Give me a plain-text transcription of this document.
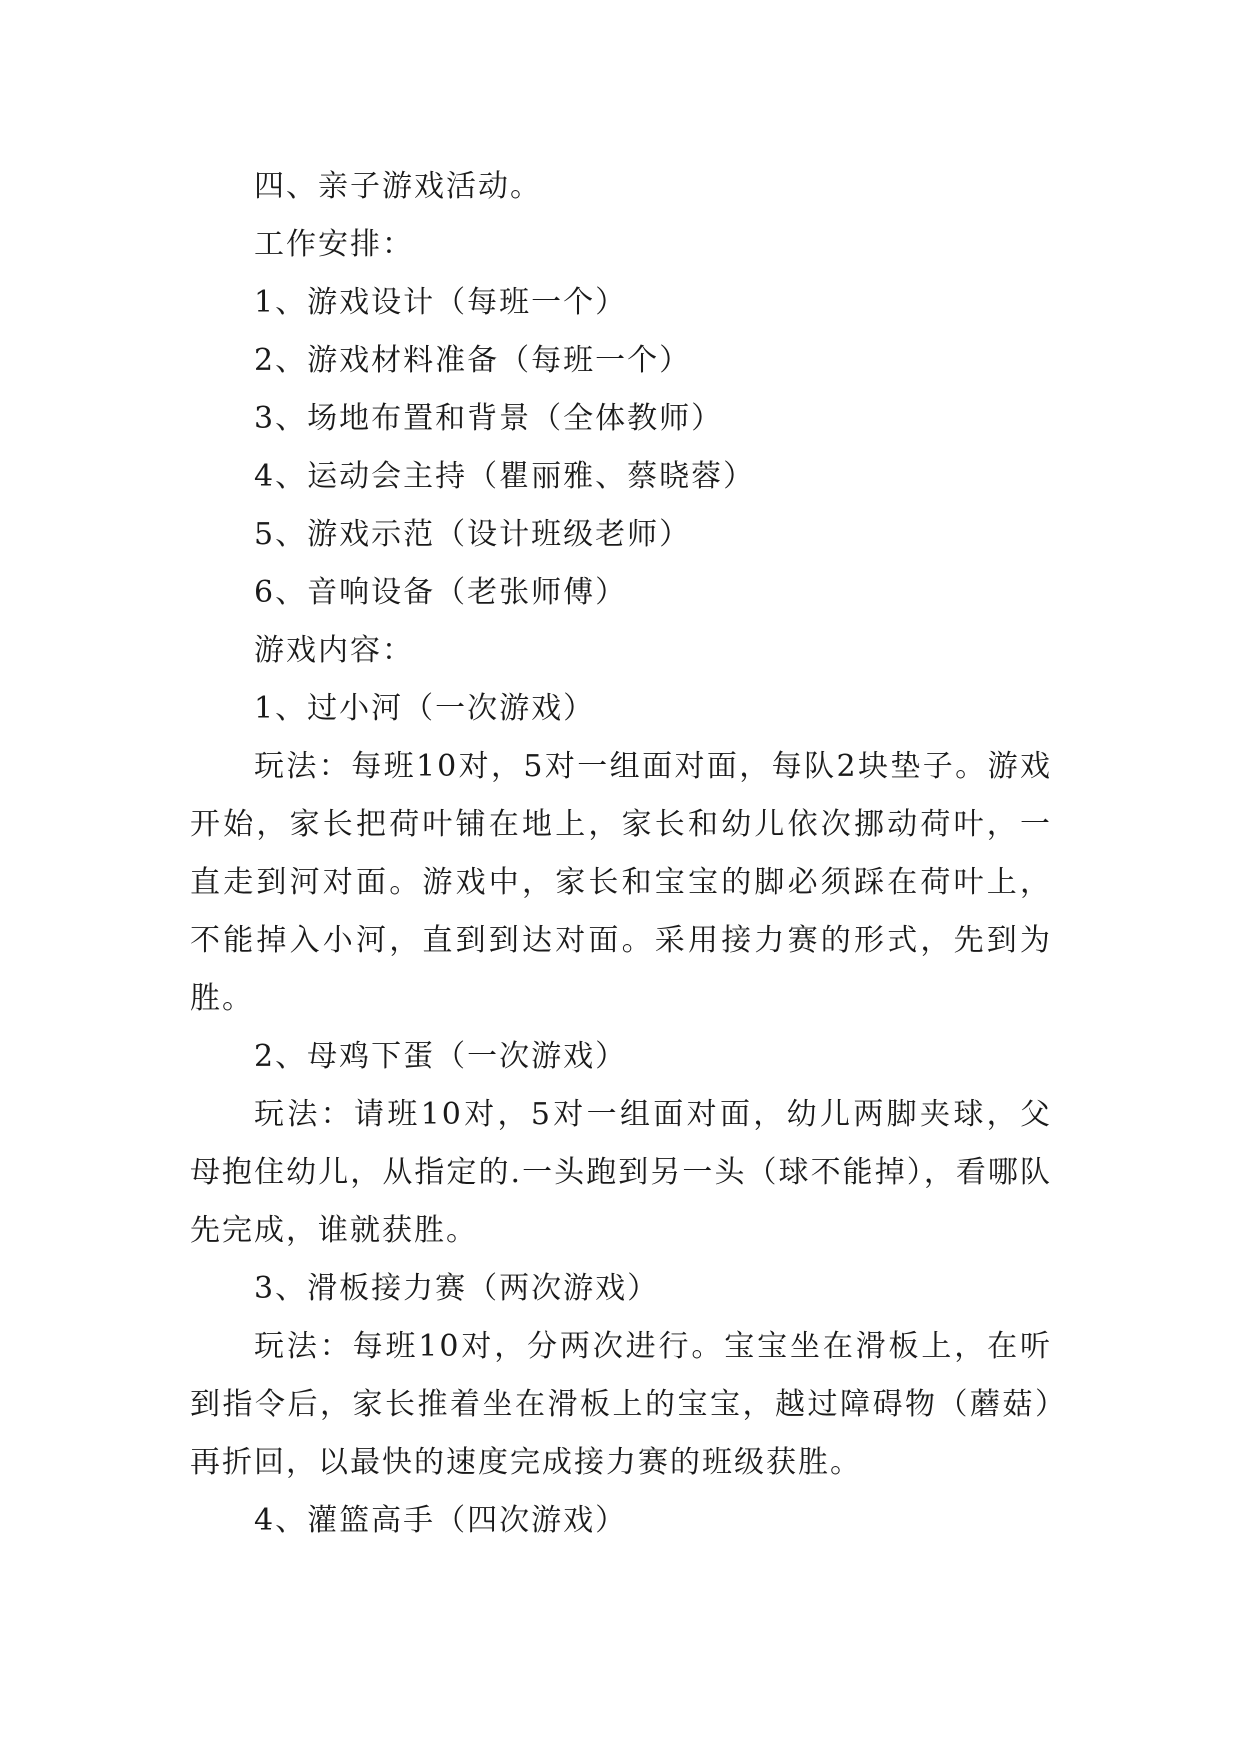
四、亲子游戏活动。
工作安排：
1、游戏设计（每班一个）
2、游戏材料准备（每班一个）
3、场地布置和背景（全体教师）
4、运动会主持（瞿丽雅、蔡晓蓉）
5、游戏示范（设计班级老师）
6、音响设备（老张师傅）
游戏内容：
1、过小河（一次游戏）
玩法：每班10对，5对一组面对面，每队2块垫子。游戏开始，家长把荷叶铺在地上，家长和幼儿依次挪动荷叶，一直走到河对面。游戏中，家长和宝宝的脚必须踩在荷叶上，不能掉入小河，直到到达对面。采用接力赛的形式，先到为胜。
2、母鸡下蛋（一次游戏）
玩法：请班10对，5对一组面对面，幼儿两脚夹球，父母抱住幼儿，从指定的.一头跑到另一头（球不能掉），看哪队先完成，谁就获胜。
3、滑板接力赛（两次游戏）
玩法：每班10对，分两次进行。宝宝坐在滑板上，在听到指令后，家长推着坐在滑板上的宝宝，越过障碍物（蘑菇）再折回，以最快的速度完成接力赛的班级获胜。
4、灌篮高手（四次游戏）
